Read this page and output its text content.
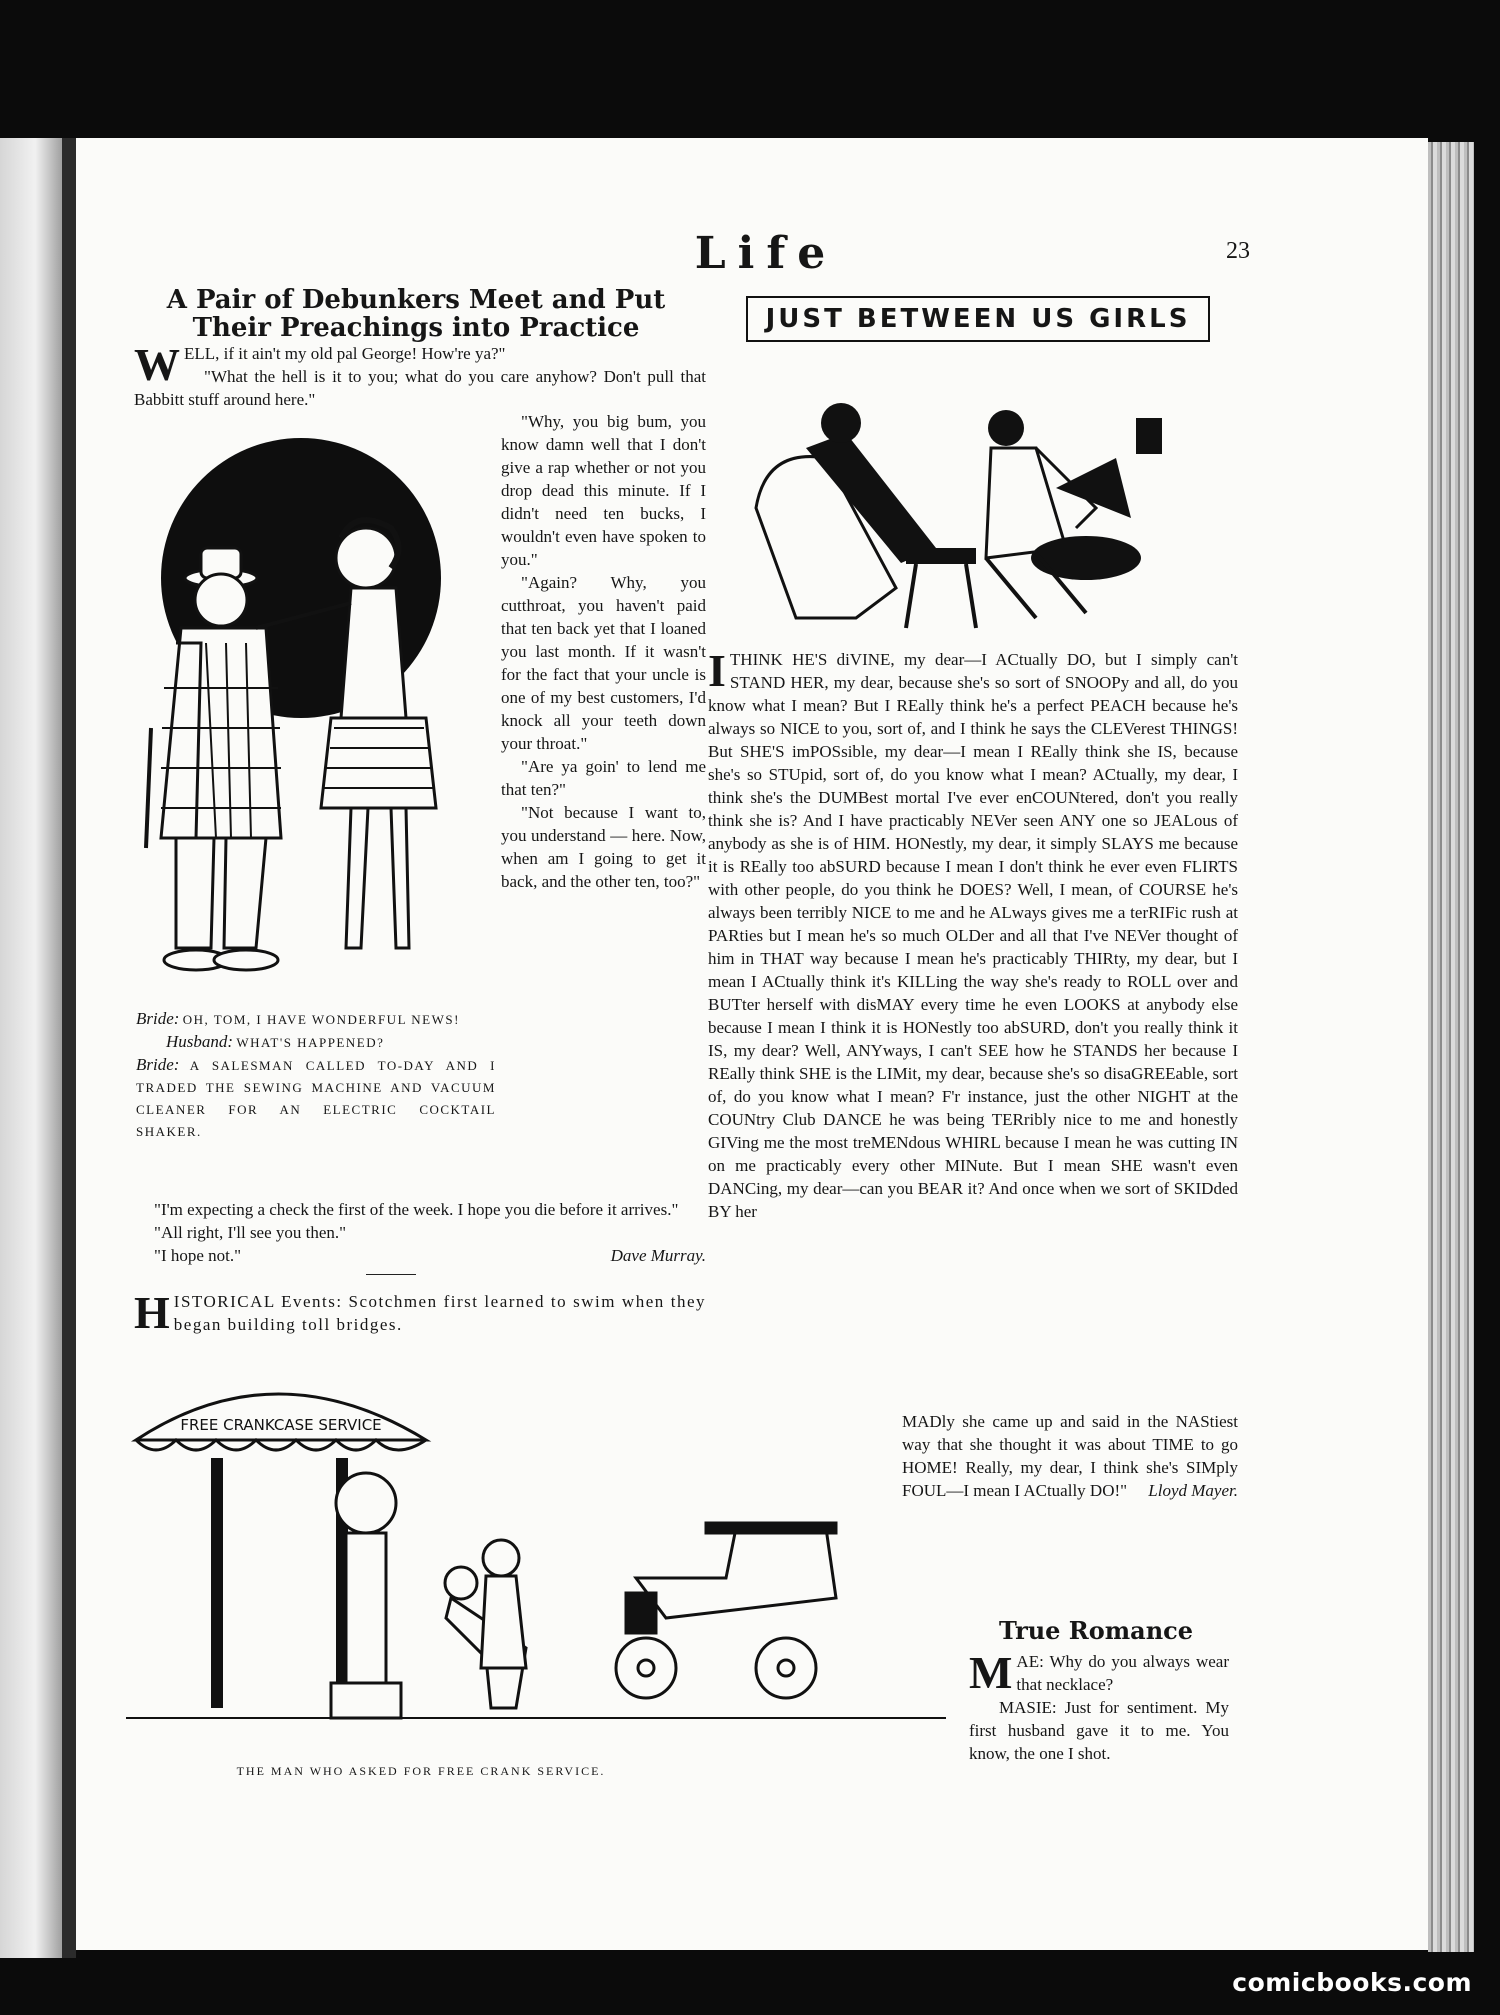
Life	23
A Pair of Debunkers Meet and Put Their Preachings into Practice

WELL, if it ain't my old pal George! How're ya?"

"What the hell is it to you; what do you care anyhow? Don't pull that Babbitt stuff around here."

"Why, you big bum, you know damn well that I don't give a rap whether or not you drop dead this minute. If I didn't need ten bucks, I wouldn't even have spoken to you."

"Again? Why, you cutthroat, you haven't paid that ten back yet that I loaned you last month. If it wasn't for the fact that your uncle is one of my best customers, I'd knock all your teeth down your throat."

"Are ya goin' to lend me that ten?"

"Not because I want to, you understand — here. Now, when am I going to get it back, and the other ten, too?"

Bride: OH, TOM, I HAVE WONDERFUL NEWS!
Husband: WHAT'S HAPPENED?
Bride: A SALESMAN CALLED TO-DAY AND I TRADED THE SEWING MACHINE AND VACUUM CLEANER FOR AN ELECTRIC COCKTAIL SHAKER.

"I'm expecting a check the first of the week. I hope you die before it arrives."

"All right, I'll see you then."

"I hope not."	Dave Murray.

HISTORICAL Events: Scotchmen first learned to swim when they began building toll bridges.

FREE CRANKCASE SERVICE
THE MAN WHO ASKED FOR FREE CRANK SERVICE.
JUST BETWEEN US GIRLS

ITHINK HE'S diVINE, my dear—I ACtually DO, but I simply can't STAND HER, my dear, because she's so sort of SNOOPy and all, do you know what I mean? But I REally think he's a perfect PEACH because he's always so NICE to you, sort of, and I think he says the CLEVerest THINGS! But SHE'S imPOSsible, my dear—I mean I REally think she IS, because she's so STUpid, sort of, do you know what I mean? ACtually, my dear, I think she's the DUMBest mortal I've ever enCOUNtered, don't you really think she is? And I have practicably NEVer seen ANY one so JEALous of anybody as she is of HIM. HONestly, my dear, it simply SLAYS me because it is REally too abSURD because I mean I don't think he ever even FLIRTS with other people, do you think he DOES? Well, I mean, of COURSE he's always been terribly NICE to me and he ALways gives me a terRIFic rush at PARties but I mean he's so much OLDer and all that I've NEVer thought of him in THAT way because I mean he's practicably THIRty, my dear, but I mean I ACtually think it's KILLing the way she's ready to ROLL over and BUTter herself with disMAY every time he even LOOKS at anybody else because I mean I think it is HONestly too abSURD, don't you really think it IS, my dear? Well, ANYways, I can't SEE how he STANDS her because I REally think SHE is the LIMit, my dear, because she's so disaGREEable, sort of, do you know what I mean? F'r instance, just the other NIGHT at the COUNtry Club DANCE he was being TERribly nice to me and honestly GIVing me the most treMENdous WHIRL because I mean he was cutting IN on me practicably every other MINute. But I mean SHE wasn't even DANCing, my dear—can you BEAR it? And once when we sort of SKIDded BY her

MADly she came up and said in the NAStiest way that she thought it was about TIME to go HOME! Really, my dear, I think she's SIMply FOUL—I mean I ACtually DO!" Lloyd Mayer.

True Romance

MAE: Why do you always wear that necklace?

MASIE: Just for sentiment. My first husband gave it to me. You know, the one I shot.

comicbooks.com
